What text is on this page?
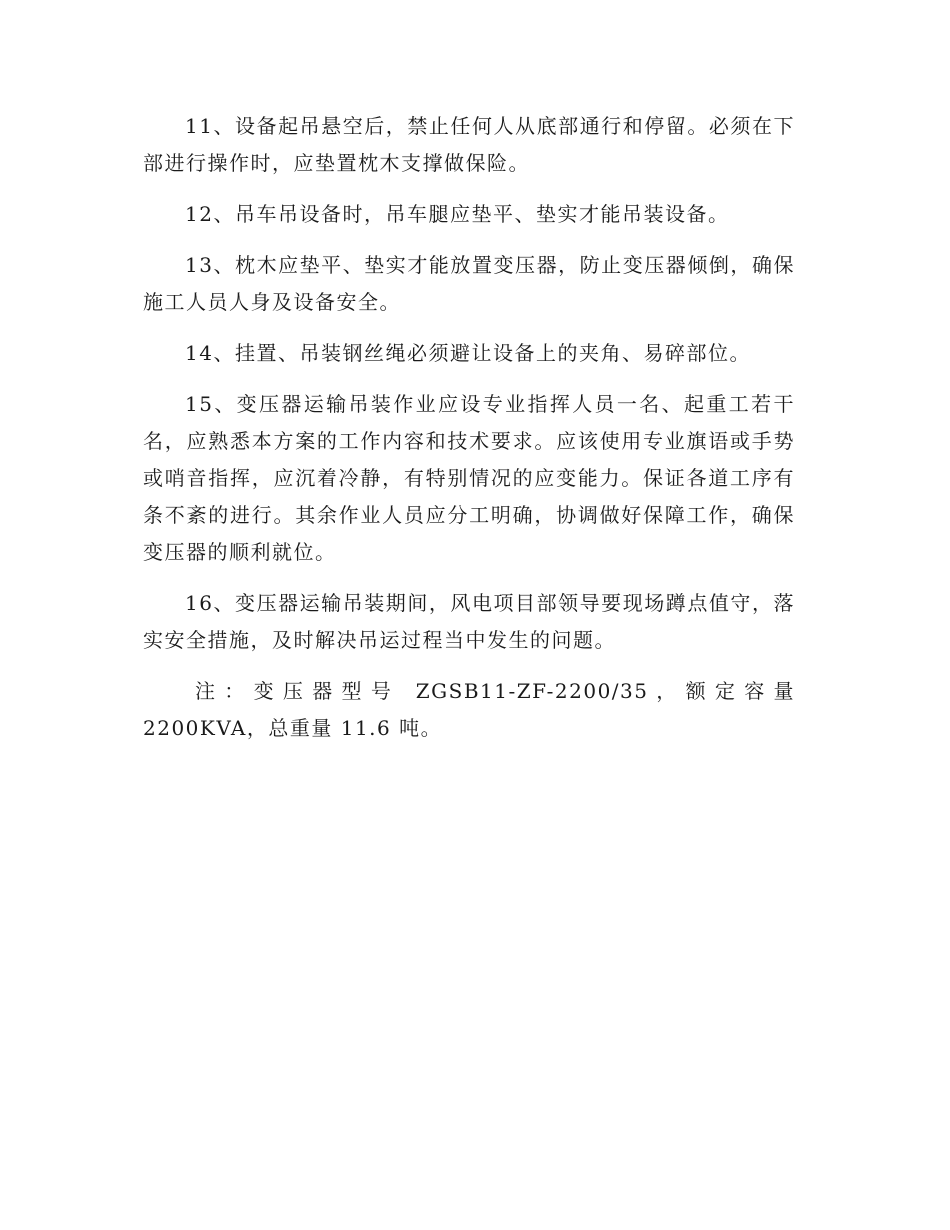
11、设备起吊悬空后，禁止任何人从底部通行和停留。必须在下部进行操作时，应垫置枕木支撑做保险。

12、吊车吊设备时，吊车腿应垫平、垫实才能吊装设备。

13、枕木应垫平、垫实才能放置变压器，防止变压器倾倒，确保施工人员人身及设备安全。

14、挂置、吊装钢丝绳必须避让设备上的夹角、易碎部位。

15、变压器运输吊装作业应设专业指挥人员一名、起重工若干名，应熟悉本方案的工作内容和技术要求。应该使用专业旗语或手势或哨音指挥，应沉着冷静，有特别情况的应变能力。保证各道工序有条不紊的进行。其余作业人员应分工明确，协调做好保障工作，确保变压器的顺利就位。

16、变压器运输吊装期间，风电项目部领导要现场蹲点值守，落实安全措施，及时解决吊运过程当中发生的问题。

注：变压器型号 ZGSB11-ZF-2200/35，额定容量 2200KVA，总重量 11.6 吨。
